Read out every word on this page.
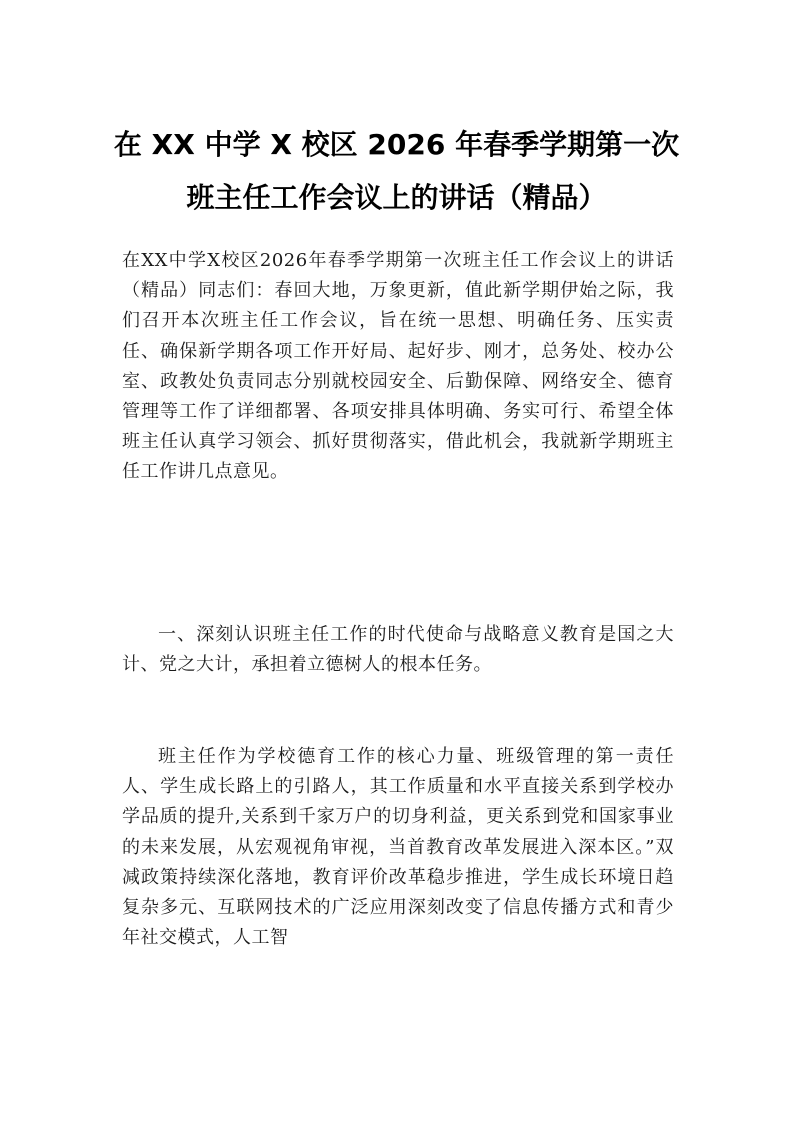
在 XX 中学 X 校区 2026 年春季学期第一次
班主任工作会议上的讲话（精品）
在XX中学X校区2026年春季学期第一次班主任工作会议上的讲话（精品）同志们：春回大地，万象更新，值此新学期伊始之际，我们召开本次班主任工作会议，旨在统一思想、明确任务、压实责任、确保新学期各项工作开好局、起好步、刚才，总务处、校办公室、政教处负责同志分别就校园安全、后勤保障、网络安全、德育管理等工作了详细都署、各项安排具体明确、务实可行、希望全体班主任认真学习领会、抓好贯彻落实，借此机会，我就新学期班主任工作讲几点意见。
一、深刻认识班主任工作的时代使命与战略意义教育是国之大计、党之大计，承担着立德树人的根本任务。
班主任作为学校德育工作的核心力量、班级管理的第一责任人、学生成长路上的引路人，其工作质量和水平直接关系到学校办学品质的提升,关系到千家万户的切身利益，更关系到党和国家事业的未来发展，从宏观视角审视，当首教育改革发展进入深本区。”双减政策持续深化落地，教育评价改革稳步推进，学生成长环境日趋复杂多元、互联网技术的广泛应用深刻改变了信息传播方式和青少年社交模式，人工智
